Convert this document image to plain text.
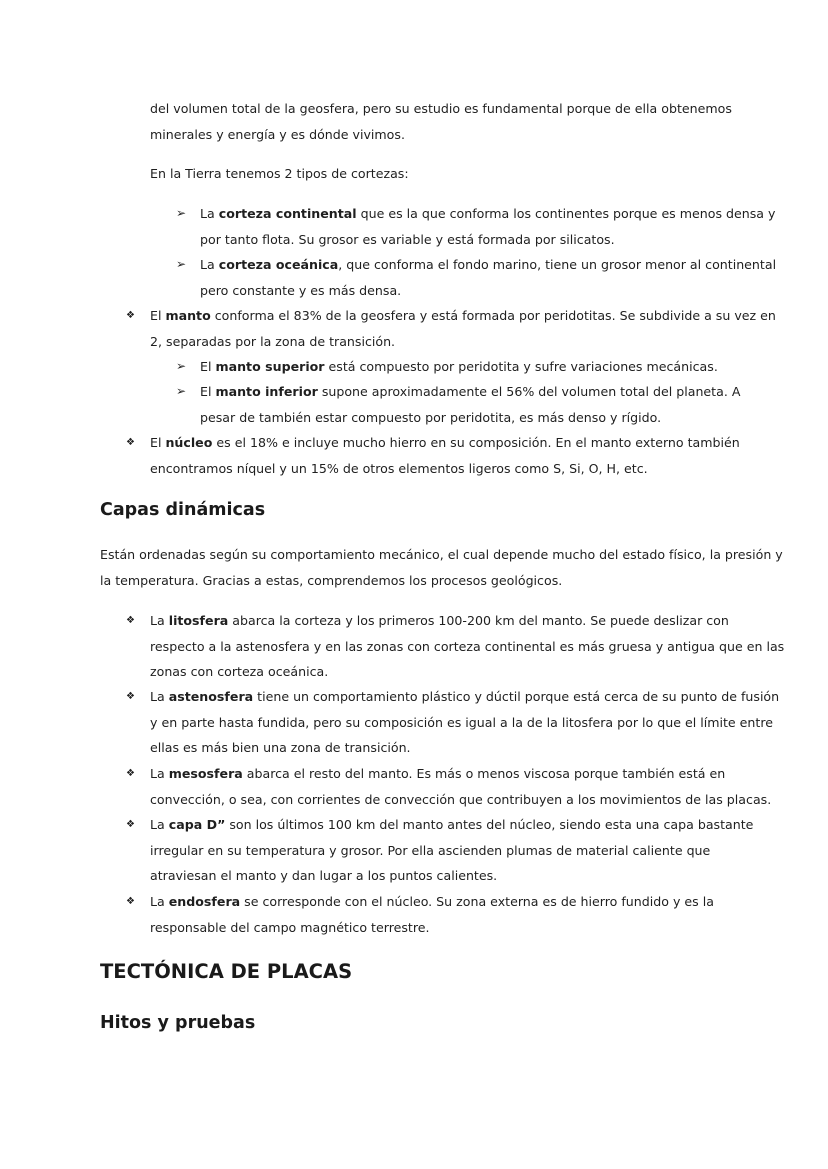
del volumen total de la geosfera, pero su estudio es fundamental porque de ella obtenemos
minerales y energía y es dónde vivimos.

En la Tierra tenemos 2 tipos de cortezas:

➢ La corteza continental que es la que conforma los continentes porque es menos densa y
por tanto flota. Su grosor es variable y está formada por silicatos.
➢ La corteza oceánica, que conforma el fondo marino, tiene un grosor menor al continental
pero constante y es más densa.
❖ El manto conforma el 83% de la geosfera y está formada por peridotitas. Se subdivide a su vez en
2, separadas por la zona de transición.
➢ El manto superior está compuesto por peridotita y sufre variaciones mecánicas.
➢ El manto inferior supone aproximadamente el 56% del volumen total del planeta. A
pesar de también estar compuesto por peridotita, es más denso y rígido.
❖ El núcleo es el 18% e incluye mucho hierro en su composición. En el manto externo también
encontramos níquel y un 15% de otros elementos ligeros como S, Si, O, H, etc.
Capas dinámicas
Están ordenadas según su comportamiento mecánico, el cual depende mucho del estado físico, la presión y
la temperatura. Gracias a estas, comprendemos los procesos geológicos.
❖ La litosfera abarca la corteza y los primeros 100-200 km del manto. Se puede deslizar con
respecto a la astenosfera y en las zonas con corteza continental es más gruesa y antigua que en las
zonas con corteza oceánica.
❖ La astenosfera tiene un comportamiento plástico y dúctil porque está cerca de su punto de fusión
y en parte hasta fundida, pero su composición es igual a la de la litosfera por lo que el límite entre
ellas es más bien una zona de transición.
❖ La mesosfera abarca el resto del manto. Es más o menos viscosa porque también está en
convección, o sea, con corrientes de convección que contribuyen a los movimientos de las placas.
❖ La capa D” son los últimos 100 km del manto antes del núcleo, siendo esta una capa bastante
irregular en su temperatura y grosor. Por ella ascienden plumas de material caliente que
atraviesan el manto y dan lugar a los puntos calientes.
❖ La endosfera se corresponde con el núcleo. Su zona externa es de hierro fundido y es la
responsable del campo magnético terrestre.
TECTÓNICA DE PLACAS
Hitos y pruebas
